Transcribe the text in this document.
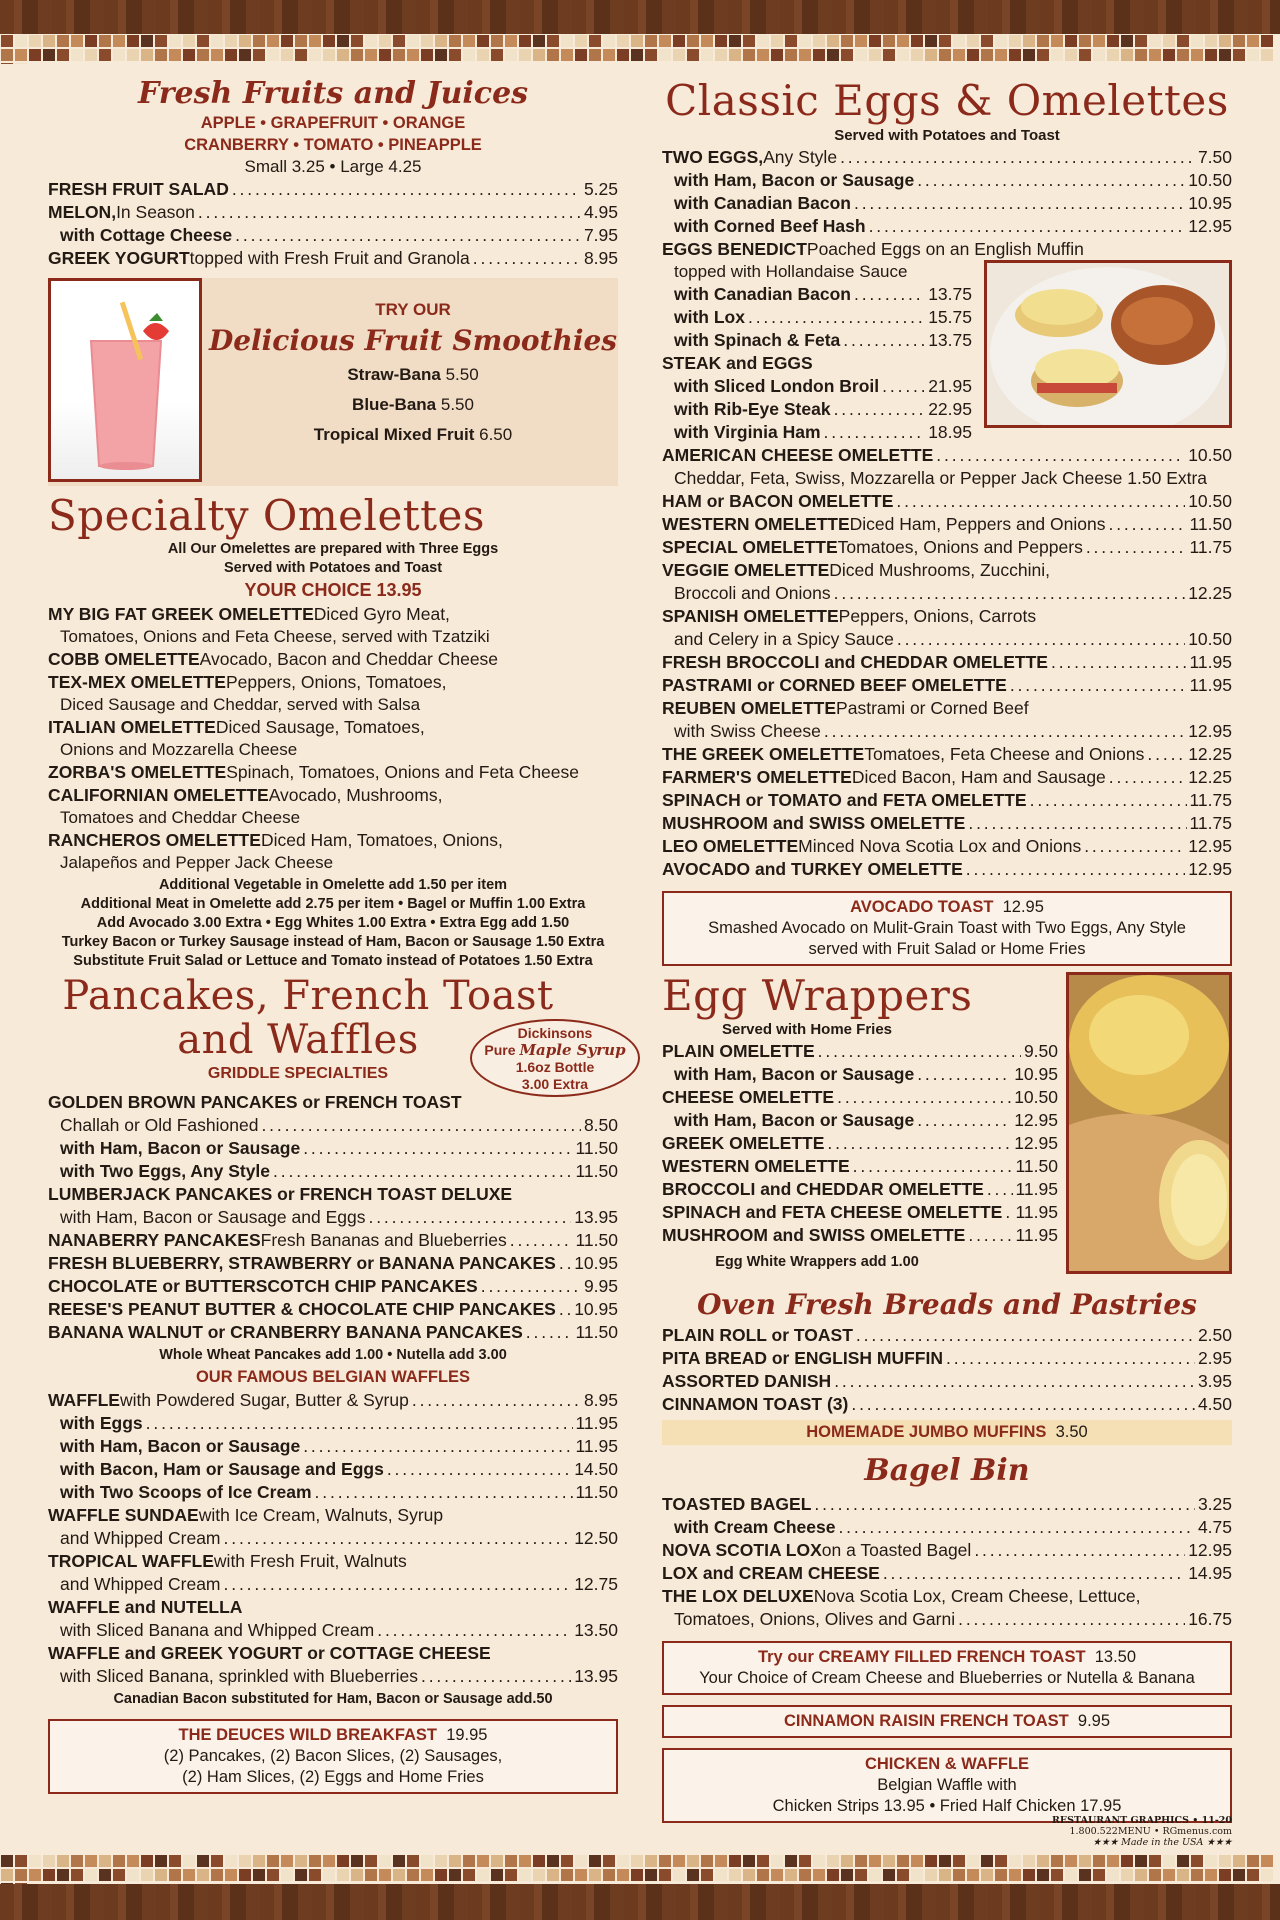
Fresh Fruits and Juices
APPLE • GRAPEFRUIT • ORANGE
CRANBERRY • TOMATO • PINEAPPLE
Small 3.25 • Large 4.25
FRESH FRUIT SALAD . . .	5.25
MELON, In Season . . .	4.95
with Cottage Cheese . . .	7.95
GREEK YOGURT topped with Fresh Fruit and Granola . . .	8.95
TRY OUR
Delicious Fruit Smoothies
Straw-Bana 5.50
Blue-Bana 5.50
Tropical Mixed Fruit 6.50
Specialty Omelettes
All Our Omelettes are prepared with Three Eggs
Served with Potatoes and Toast
YOUR CHOICE 13.95
MY BIG FAT GREEK OMELETTE Diced Gyro Meat,
Tomatoes, Onions and Feta Cheese, served with Tzatziki
COBB OMELETTE Avocado, Bacon and Cheddar Cheese
TEX-MEX OMELETTE Peppers, Onions, Tomatoes,
Diced Sausage and Cheddar, served with Salsa
ITALIAN OMELETTE Diced Sausage, Tomatoes,
Onions and Mozzarella Cheese
ZORBA'S OMELETTE Spinach, Tomatoes, Onions and Feta Cheese
CALIFORNIAN OMELETTE Avocado, Mushrooms,
Tomatoes and Cheddar Cheese
RANCHEROS OMELETTE Diced Ham, Tomatoes, Onions,
Jalapeños and Pepper Jack Cheese
Additional Vegetable in Omelette add 1.50 per item
Additional Meat in Omelette add 2.75 per item • Bagel or Muffin 1.00 Extra
Add Avocado 3.00 Extra • Egg Whites 1.00 Extra • Extra Egg add 1.50
Turkey Bacon or Turkey Sausage instead of Ham, Bacon or Sausage 1.50 Extra
Substitute Fruit Salad or Lettuce and Tomato instead of Potatoes 1.50 Extra
Pancakes, French Toast
and Waffles
GRIDDLE SPECIALTIES
Dickinsons
Pure Maple Syrup
1.6oz Bottle
3.00 Extra
GOLDEN BROWN PANCAKES or FRENCH TOAST
Challah or Old Fashioned . . .	8.50
with Ham, Bacon or Sausage . . .	11.50
with Two Eggs, Any Style . . .	11.50
LUMBERJACK PANCAKES or FRENCH TOAST DELUXE
with Ham, Bacon or Sausage and Eggs . . .	13.95
NANABERRY PANCAKES Fresh Bananas and Blueberries . . .	11.50
FRESH BLUEBERRY, STRAWBERRY or BANANA PANCAKES . . . 10.95
CHOCOLATE or BUTTERSCOTCH CHIP PANCAKES . . .	9.95
REESE'S PEANUT BUTTER & CHOCOLATE CHIP PANCAKES . . . 10.95
BANANA WALNUT or CRANBERRY BANANA PANCAKES . . .	11.50
Whole Wheat Pancakes add 1.00 • Nutella add 3.00
OUR FAMOUS BELGIAN WAFFLES
WAFFLE with Powdered Sugar, Butter & Syrup . . .	8.95
with Eggs . . .	11.95
with Ham, Bacon or Sausage . . .	11.95
with Bacon, Ham or Sausage and Eggs . . .	14.50
with Two Scoops of Ice Cream . . .	11.50
WAFFLE SUNDAE with Ice Cream, Walnuts, Syrup
and Whipped Cream . . .	12.50
TROPICAL WAFFLE with Fresh Fruit, Walnuts
and Whipped Cream . . .	12.75
WAFFLE and NUTELLA
with Sliced Banana and Whipped Cream . . .	13.50
WAFFLE and GREEK YOGURT or COTTAGE CHEESE
with Sliced Banana, sprinkled with Blueberries . . .	13.95
Canadian Bacon substituted for Ham, Bacon or Sausage add.50
THE DEUCES WILD BREAKFAST 19.95
(2) Pancakes, (2) Bacon Slices, (2) Sausages,
(2) Ham Slices, (2) Eggs and Home Fries
Classic Eggs & Omelettes
Served with Potatoes and Toast
TWO EGGS, Any Style . . .	7.50
with Ham, Bacon or Sausage . . .	10.50
with Canadian Bacon . . .	10.95
with Corned Beef Hash . . .	12.95
EGGS BENEDICT Poached Eggs on an English Muffin
topped with Hollandaise Sauce
with Canadian Bacon . . .	13.75
with Lox . . .	15.75
with Spinach & Feta . . .	13.75
STEAK and EGGS
with Sliced London Broil . . .	21.95
with Rib-Eye Steak . . .	22.95
with Virginia Ham . . .	18.95
AMERICAN CHEESE OMELETTE . . .	10.50
Cheddar, Feta, Swiss, Mozzarella or Pepper Jack Cheese 1.50 Extra
HAM or BACON OMELETTE . . .	10.50
WESTERN OMELETTE Diced Ham, Peppers and Onions . . .	11.50
SPECIAL OMELETTE Tomatoes, Onions and Peppers . . .	11.75
VEGGIE OMELETTE Diced Mushrooms, Zucchini,
Broccoli and Onions . . .	12.25
SPANISH OMELETTE Peppers, Onions, Carrots
and Celery in a Spicy Sauce . . .	10.50
FRESH BROCCOLI and CHEDDAR OMELETTE . . .	11.95
PASTRAMI or CORNED BEEF OMELETTE . . .	11.95
REUBEN OMELETTE Pastrami or Corned Beef
with Swiss Cheese . . .	12.95
THE GREEK OMELETTE Tomatoes, Feta Cheese and Onions . . .	12.25
FARMER'S OMELETTE Diced Bacon, Ham and Sausage . . .	12.25
SPINACH or TOMATO and FETA OMELETTE . . .	11.75
MUSHROOM and SWISS OMELETTE . . .	11.75
LEO OMELETTE Minced Nova Scotia Lox and Onions . . .	12.95
AVOCADO and TURKEY OMELETTE . . .	12.95
AVOCADO TOAST 12.95
Smashed Avocado on Mulit-Grain Toast with Two Eggs, Any Style
served with Fruit Salad or Home Fries
Egg Wrappers
Served with Home Fries
PLAIN OMELETTE . . .	9.50
with Ham, Bacon or Sausage . . .	10.95
CHEESE OMELETTE . . .	10.50
with Ham, Bacon or Sausage . . .	12.95
GREEK OMELETTE . . .	12.95
WESTERN OMELETTE . . .	11.50
BROCCOLI and CHEDDAR OMELETTE . . . 11.95
SPINACH and FETA CHEESE OMELETTE . . . 11.95
MUSHROOM and SWISS OMELETTE . . .	11.95
Egg White Wrappers add 1.00
Oven Fresh Breads and Pastries
PLAIN ROLL or TOAST . . .	2.50
PITA BREAD or ENGLISH MUFFIN . . .	2.95
ASSORTED DANISH . . .	3.95
CINNAMON TOAST (3) . . .	4.50
HOMEMADE JUMBO MUFFINS 3.50
Bagel Bin
TOASTED BAGEL . . .	3.25
with Cream Cheese . . .	4.75
NOVA SCOTIA LOX on a Toasted Bagel . . .	12.95
LOX and CREAM CHEESE . . .	14.95
THE LOX DELUXE Nova Scotia Lox, Cream Cheese, Lettuce,
Tomatoes, Onions, Olives and Garni . . .	16.75
Try our CREAMY FILLED FRENCH TOAST 13.50
Your Choice of Cream Cheese and Blueberries or Nutella & Banana
CINNAMON RAISIN FRENCH TOAST 9.95
CHICKEN & WAFFLE
Belgian Waffle with
Chicken Strips 13.95 • Fried Half Chicken 17.95
RESTAURANT GRAPHICS • 11-20
1.800.522MENU • RGmenus.com
★★★ Made in the USA ★★★
